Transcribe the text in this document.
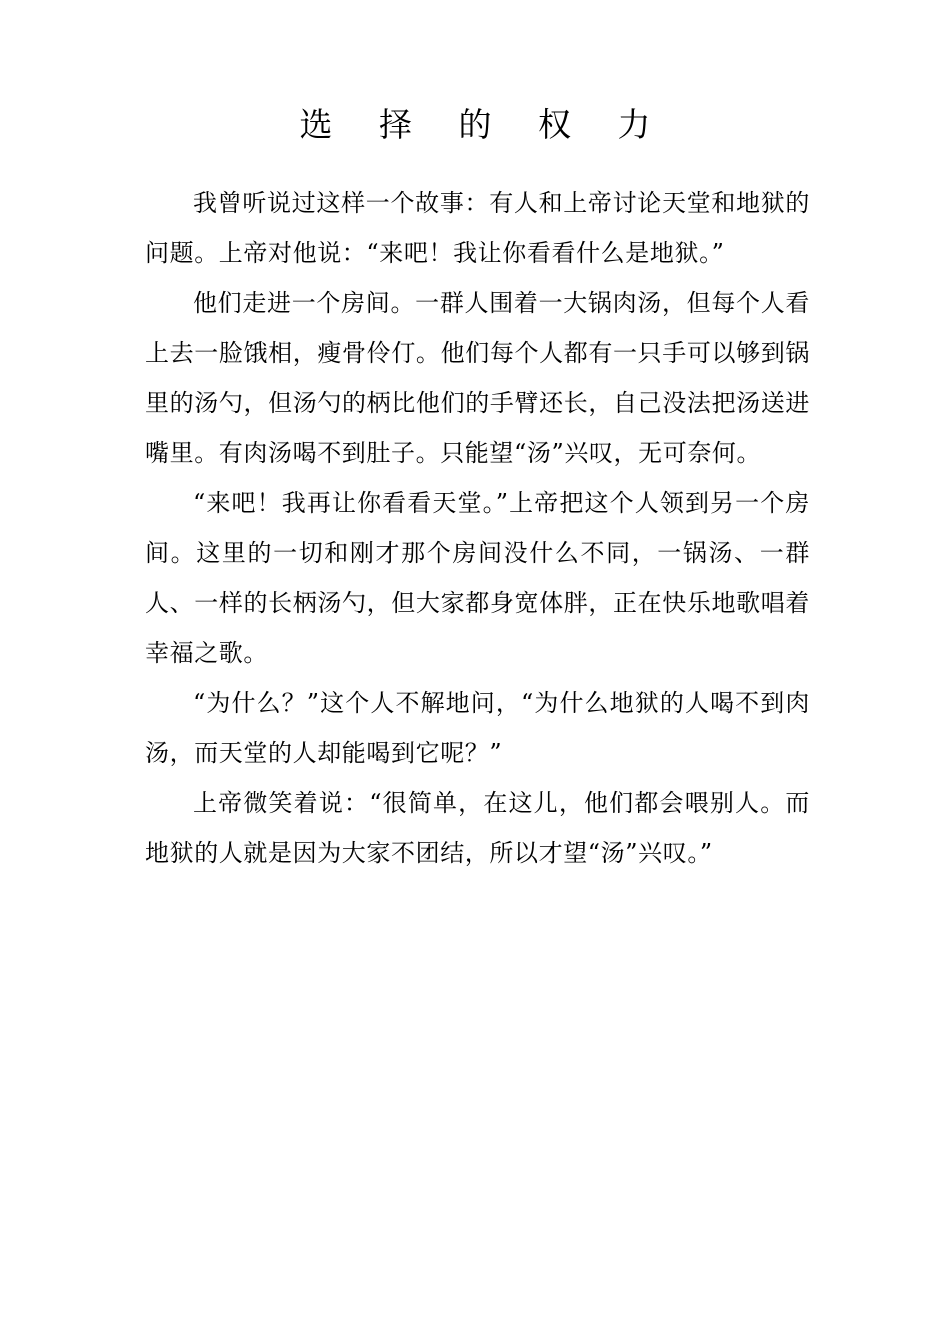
选 择 的 权 力

我曾听说过这样一个故事：有人和上帝讨论天堂和地狱的问题。上帝对他说：“来吧！我让你看看什么是地狱。”

他们走进一个房间。一群人围着一大锅肉汤，但每个人看上去一脸饿相，瘦骨伶仃。他们每个人都有一只手可以够到锅里的汤勺，但汤勺的柄比他们的手臂还长，自己没法把汤送进嘴里。有肉汤喝不到肚子。只能望“汤”兴叹，无可奈何。

“来吧！我再让你看看天堂。”上帝把这个人领到另一个房间。这里的一切和刚才那个房间没什么不同，一锅汤、一群人、一样的长柄汤勺，但大家都身宽体胖，正在快乐地歌唱着幸福之歌。

“为什么？”这个人不解地问，“为什么地狱的人喝不到肉汤，而天堂的人却能喝到它呢？”

上帝微笑着说：“很简单，在这儿，他们都会喂别人。而地狱的人就是因为大家不团结，所以才望“汤”兴叹。”
